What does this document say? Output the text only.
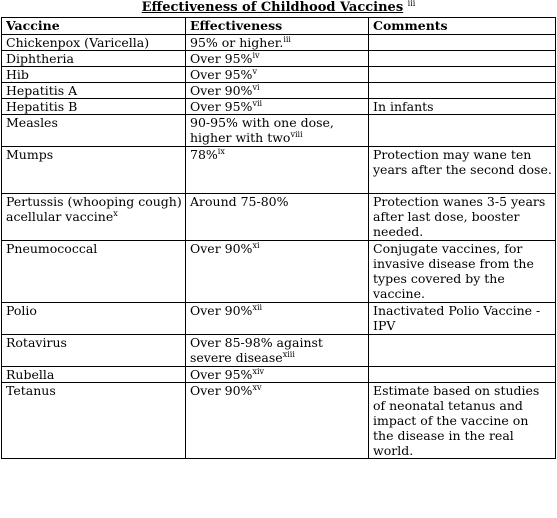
Effectiveness of Childhood Vaccines $^{iii}$
Vaccine	Effectiveness	Comments
Chickenpox (Varicella)	95% or higher.$^{iii}$	
Diphtheria	Over 95%$^{iv}$	
Hib	Over 95%$^v$	
Hepatitis A	Over 90%$^{vi}$	
Hepatitis B	Over 95%$^{vii}$	In infants
Measles	90-95% with one dose, higher with two$^{viii}$	
Mumps	78%$^{ix}$	Protection may wane ten years after the second dose.
Pertussis (whooping cough) acellular vaccine$^x$	Around 75-80%	Protection wanes 3-5 years after last dose, booster needed.
Pneumococcal	Over 90%$^{xi}$	Conjugate vaccines, for invasive disease from the types covered by the vaccine.
Polio	Over 90%$^{xii}$	Inactivated Polio Vaccine - IPV
Rotavirus	Over 85-98% against severe disease$^{xiii}$	
Rubella	Over 95%$^{xiv}$	
Tetanus	Over 90%$^{xv}$	Estimate based on studies of neonatal tetanus and impact of the vaccine on the disease in the real world.
